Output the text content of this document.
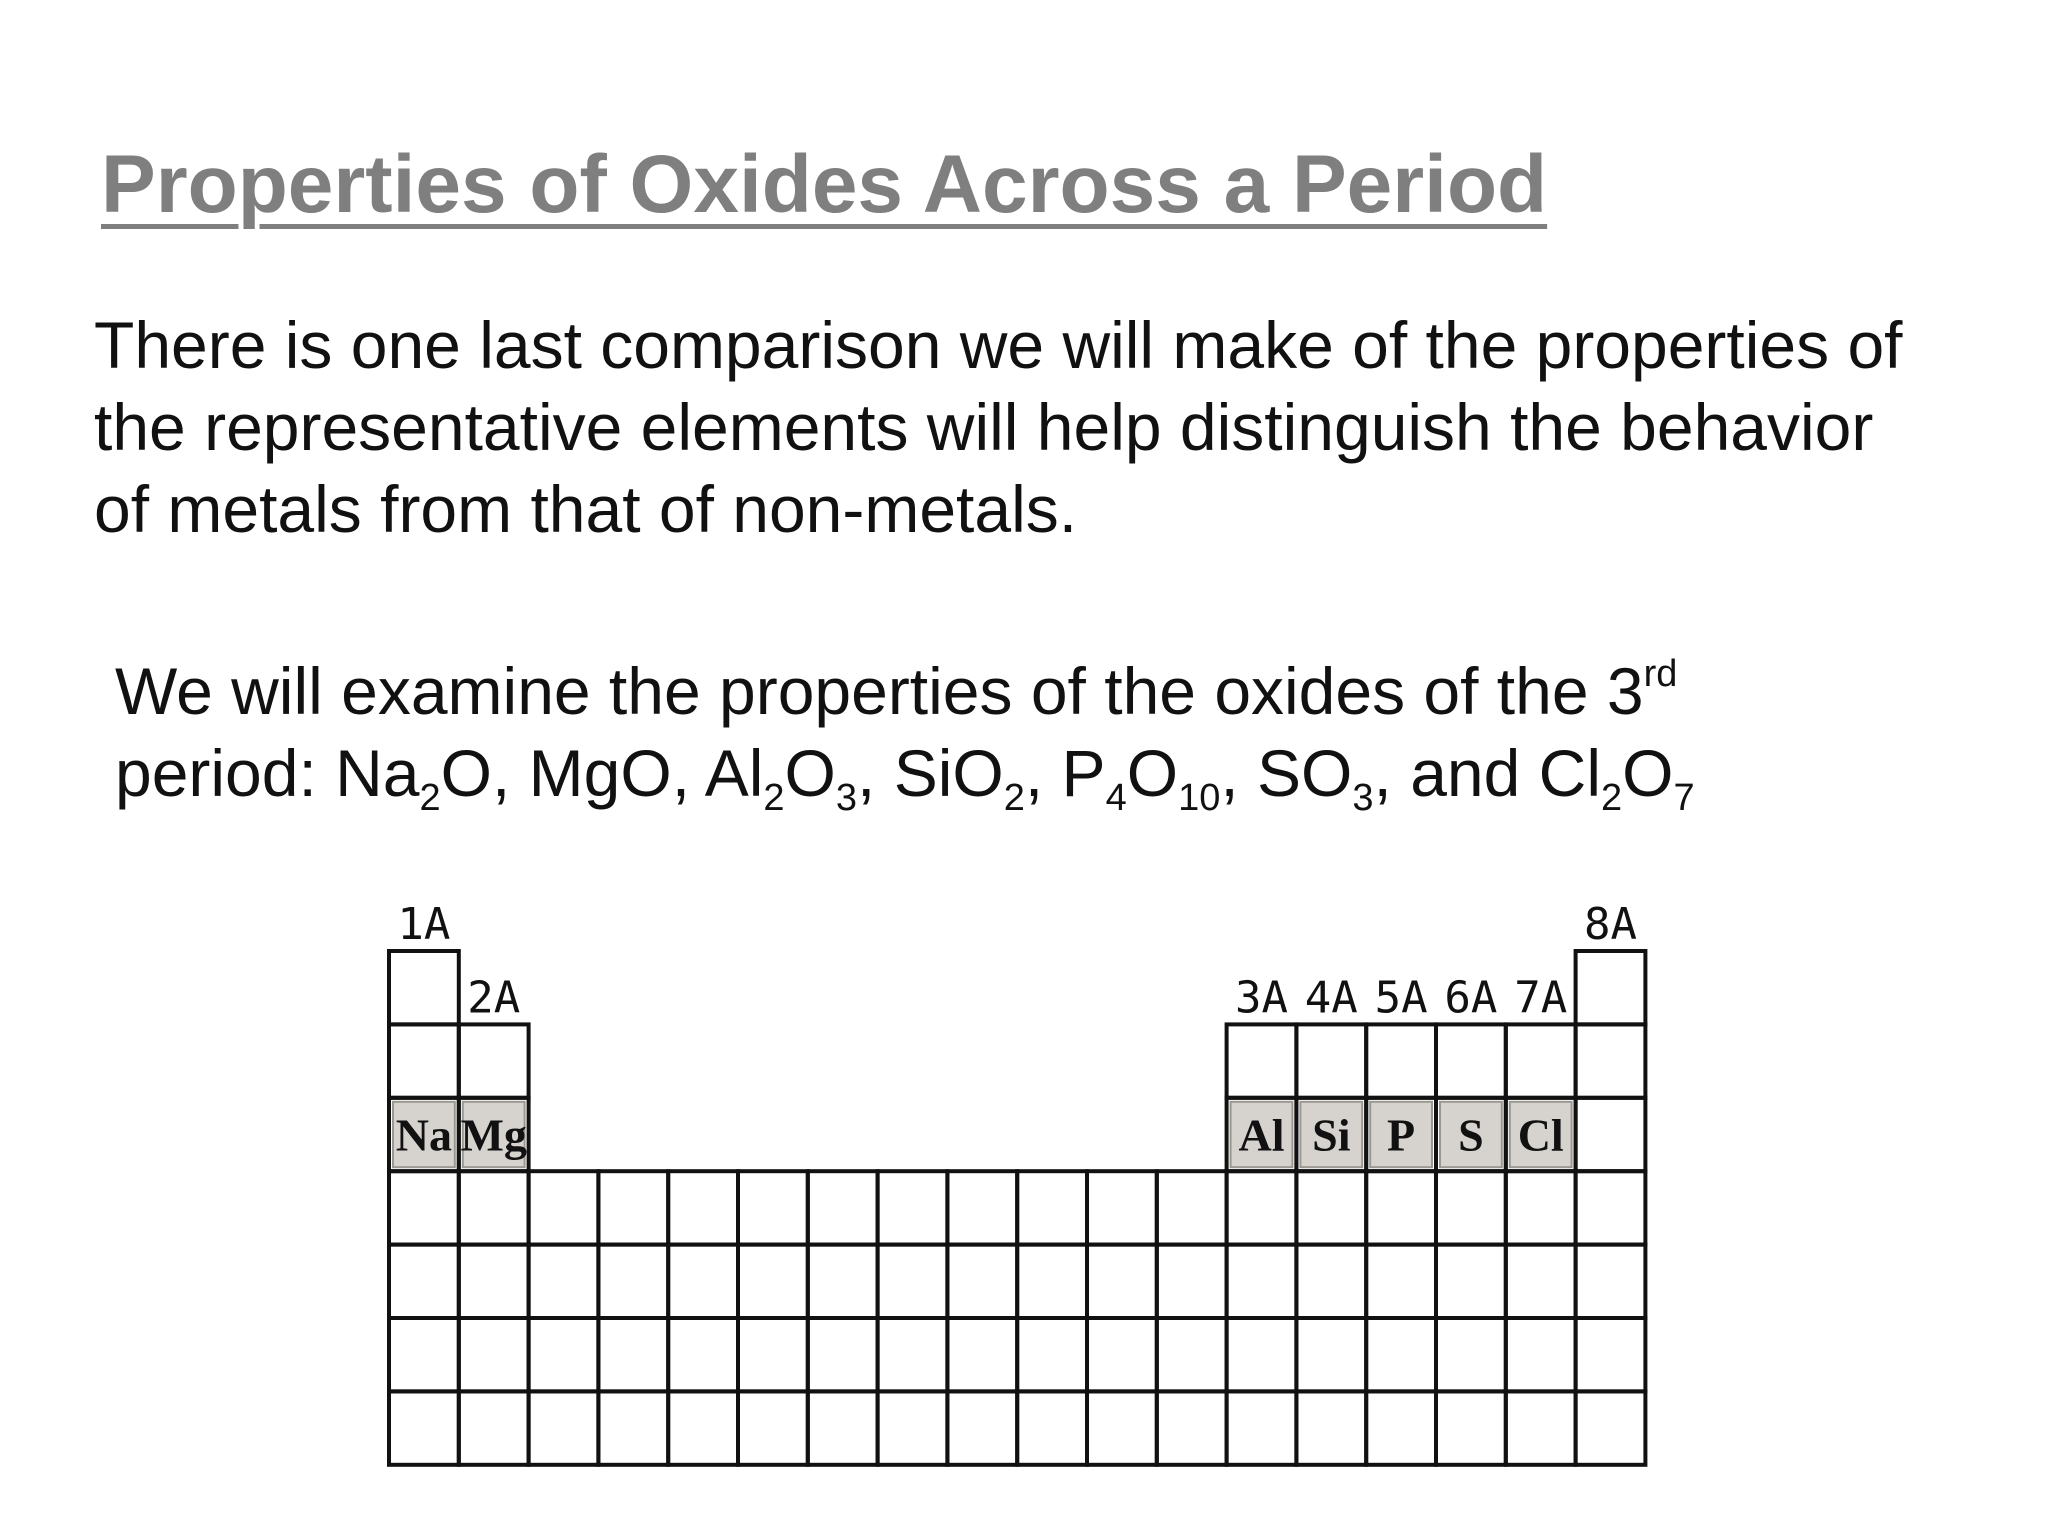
Properties of Oxides Across a Period

There is one last comparison we will make of the properties of
the representative elements will help distinguish the behavior
of metals from that of non-metals.

We will examine the properties of the oxides of the 3rd
period: $Na_2O$, MgO, $Al_2O_3$, SiO$_2$, $P_4O_{10}$, $SO_3$, and $Cl_2O_7$

Na Mg	Al Si P S Cl
1A
2A	3A 4A 5A 6A 7A
8A
